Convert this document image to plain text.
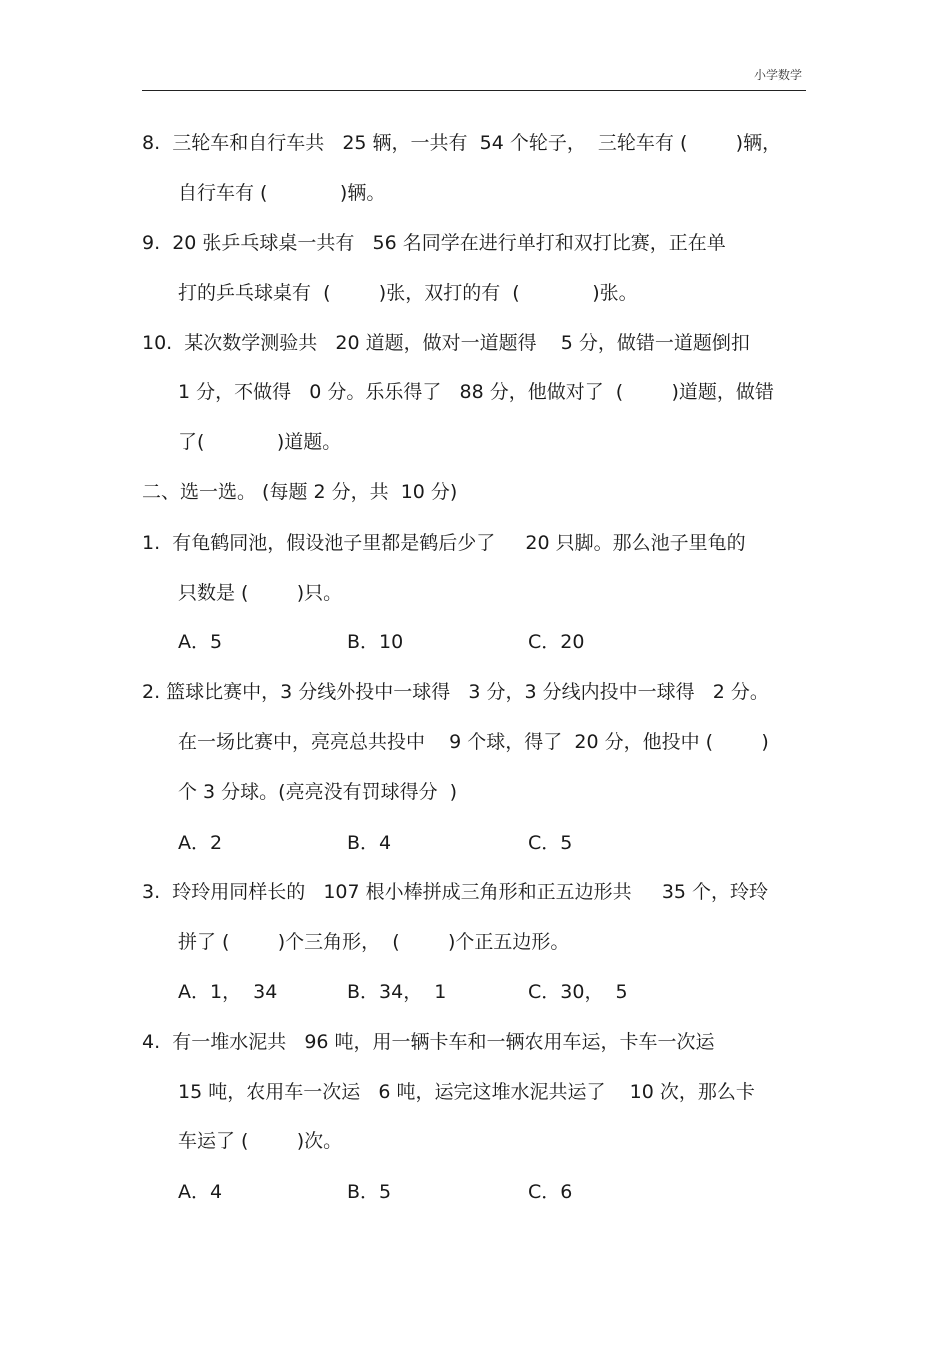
小学数学
8.  三轮车和自行车共   25 辆，一共有  54 个轮子，  三轮车有 (        )辆，
自行车有 (            )辆。
9.  20 张乒乓球桌一共有   56 名同学在进行单打和双打比赛，正在单
打的乒乓球桌有  (        )张，双打的有  (            )张。
10.  某次数学测验共   20 道题，做对一道题得    5 分，做错一道题倒扣
1 分，不做得   0 分。乐乐得了   88 分，他做对了  (        )道题，做错
了(            )道题。
二、选一选。 (每题 2 分，共  10 分)
1.  有龟鹤同池，假设池子里都是鹤后少了     20 只脚。那么池子里龟的
只数是 (        )只。
A．5	B．10	C．20
2. 篮球比赛中，3 分线外投中一球得   3 分，3 分线内投中一球得   2 分。
在一场比赛中，亮亮总共投中    9 个球，得了  20 分，他投中 (        )
个 3 分球。(亮亮没有罚球得分  )
A．2	B．4	C．5
3.  玲玲用同样长的   107 根小棒拼成三角形和正五边形共     35 个，玲玲
拼了 (        )个三角形，  (        )个正五边形。
A．1，  34	B．34，  1	C．30，  5
4.  有一堆水泥共   96 吨，用一辆卡车和一辆农用车运，卡车一次运
15 吨，农用车一次运   6 吨，运完这堆水泥共运了    10 次，那么卡
车运了 (        )次。
A．4	B．5	C．6
